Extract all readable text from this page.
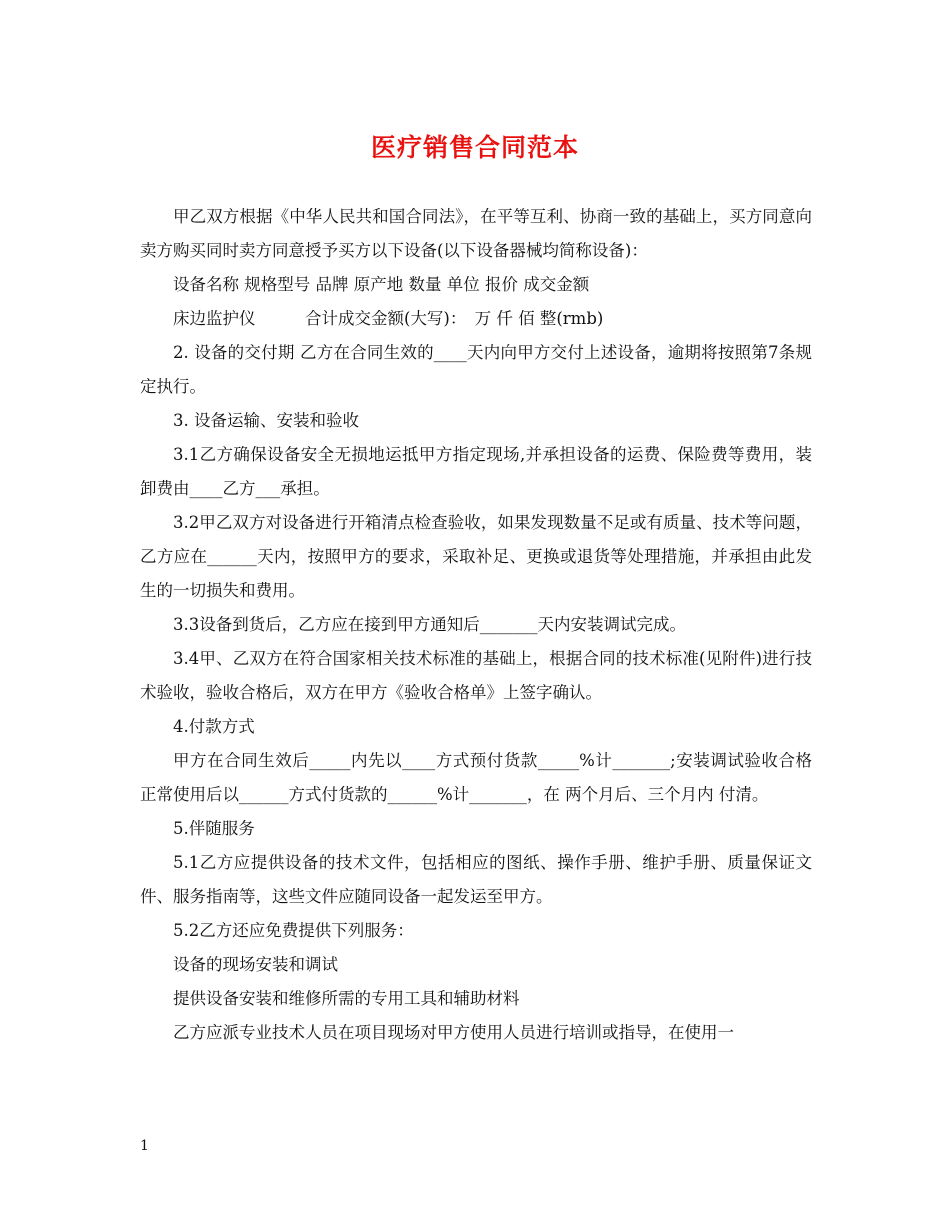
医疗销售合同范本

甲乙双方根据《中华人民共和国合同法》，在平等互利、协商一致的基础上，买方同意向卖方购买同时卖方同意授予买方以下设备(以下设备器械均简称设备)：

设备名称 规格型号 品牌 原产地 数量 单位 报价 成交金额

床边监护仪　　　合计成交金额(大写)：　万 仟 佰 整(rmb)

2. 设备的交付期 乙方在合同生效的____天内向甲方交付上述设备，逾期将按照第7条规定执行。

3. 设备运输、安装和验收

3.1乙方确保设备安全无损地运抵甲方指定现场,并承担设备的运费、保险费等费用，装卸费由____乙方___承担。

3.2甲乙双方对设备进行开箱清点检查验收，如果发现数量不足或有质量、技术等问题，乙方应在______天内，按照甲方的要求，采取补足、更换或退货等处理措施，并承担由此发生的一切损失和费用。

3.3设备到货后，乙方应在接到甲方通知后_______天内安装调试完成。

3.4甲、乙双方在符合国家相关技术标准的基础上，根据合同的技术标准(见附件)进行技术验收，验收合格后，双方在甲方《验收合格单》上签字确认。

4.付款方式

甲方在合同生效后_____内先以____方式预付货款_____%计_______;安装调试验收合格正常使用后以______方式付货款的______%计_______，在 两个月后、三个月内 付清。

5.伴随服务

5.1乙方应提供设备的技术文件，包括相应的图纸、操作手册、维护手册、质量保证文件、服务指南等，这些文件应随同设备一起发运至甲方。

5.2乙方还应免费提供下列服务：

设备的现场安装和调试

提供设备安装和维修所需的专用工具和辅助材料

乙方应派专业技术人员在项目现场对甲方使用人员进行培训或指导，在使用一

1
